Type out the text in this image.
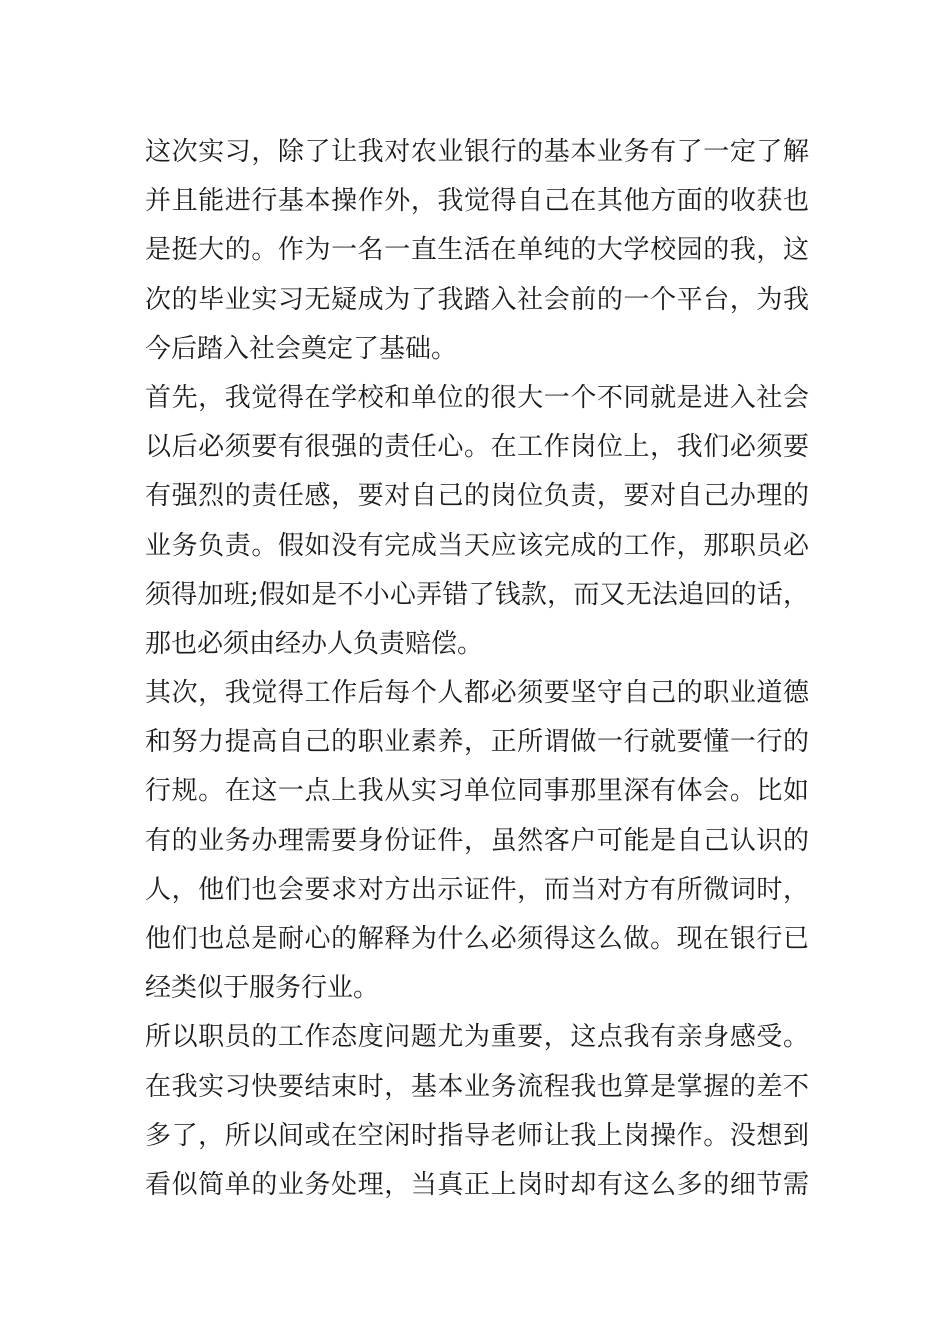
这次实习，除了让我对农业银行的基本业务有了一定了解
并且能进行基本操作外，我觉得自己在其他方面的收获也
是挺大的。作为一名一直生活在单纯的大学校园的我，这
次的毕业实习无疑成为了我踏入社会前的一个平台，为我
今后踏入社会奠定了基础。
首先，我觉得在学校和单位的很大一个不同就是进入社会
以后必须要有很强的责任心。在工作岗位上，我们必须要
有强烈的责任感，要对自己的岗位负责，要对自己办理的
业务负责。假如没有完成当天应该完成的工作，那职员必
须得加班;假如是不小心弄错了钱款，而又无法追回的话，
那也必须由经办人负责赔偿。
其次，我觉得工作后每个人都必须要坚守自己的职业道德
和努力提高自己的职业素养，正所谓做一行就要懂一行的
行规。在这一点上我从实习单位同事那里深有体会。比如
有的业务办理需要身份证件，虽然客户可能是自己认识的
人，他们也会要求对方出示证件，而当对方有所微词时，
他们也总是耐心的解释为什么必须得这么做。现在银行已
经类似于服务行业。
所以职员的工作态度问题尤为重要，这点我有亲身感受。
在我实习快要结束时，基本业务流程我也算是掌握的差不
多了，所以间或在空闲时指导老师让我上岗操作。没想到
看似简单的业务处理，当真正上岗时却有这么多的细节需
